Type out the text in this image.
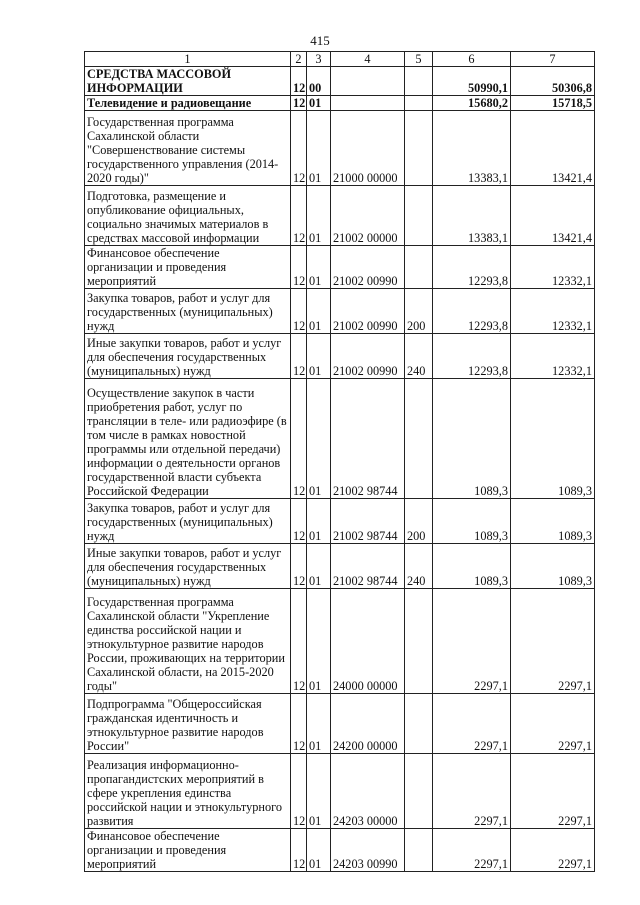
415
1	2	3	4	5	6	7
СРЕДСТВА МАССОВОЙ ИНФОРМАЦИИ	12	00			50990,1	50306,8
Телевидение и радиовещание	12	01			15680,2	15718,5
Государственная программа Сахалинской области "Совершенствование системы государственного управления (2014-2020 годы)"	12	01	21000 00000		13383,1	13421,4
Подготовка, размещение и опубликование официальных, социально значимых материалов в средствах массовой информации	12	01	21002 00000		13383,1	13421,4
Финансовое обеспечение организации и проведения мероприятий	12	01	21002 00990		12293,8	12332,1
Закупка товаров, работ и услуг для государственных (муниципальных) нужд	12	01	21002 00990	200	12293,8	12332,1
Иные закупки товаров, работ и услуг для обеспечения государственных (муниципальных) нужд	12	01	21002 00990	240	12293,8	12332,1
Осуществление закупок в части приобретения работ, услуг по трансляции в теле- или радиоэфире (в том числе в рамках новостной программы или отдельной передачи) информации о деятельности органов государственной власти субъекта Российской Федерации	12	01	21002 98744		1089,3	1089,3
Закупка товаров, работ и услуг для государственных (муниципальных) нужд	12	01	21002 98744	200	1089,3	1089,3
Иные закупки товаров, работ и услуг для обеспечения государственных (муниципальных) нужд	12	01	21002 98744	240	1089,3	1089,3
Государственная программа Сахалинской области "Укрепление единства российской нации и этнокультурное развитие народов России, проживающих на территории Сахалинской области, на 2015-2020 годы"	12	01	24000 00000		2297,1	2297,1
Подпрограмма "Общероссийская гражданская идентичность и этнокультурное развитие народов России"	12	01	24200 00000		2297,1	2297,1
Реализация информационно-пропагандистских мероприятий в сфере укрепления единства российской нации и этнокультурного развития	12	01	24203 00000		2297,1	2297,1
Финансовое обеспечение организации и проведения мероприятий	12	01	24203 00990		2297,1	2297,1
